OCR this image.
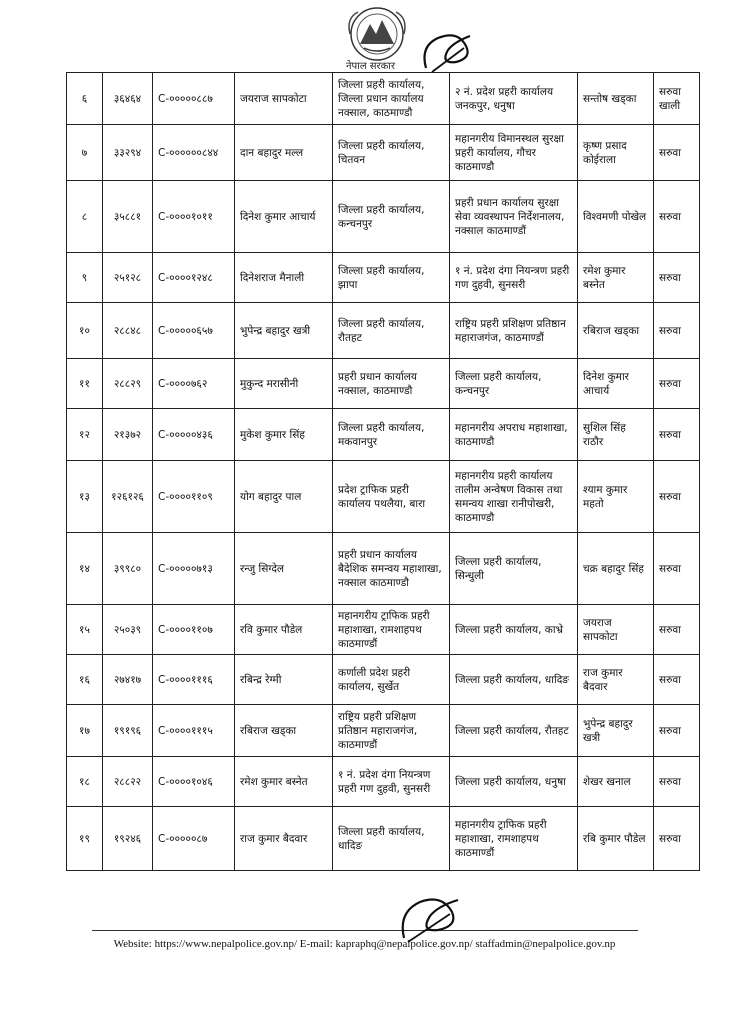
नेपाल सरकार
६	३६४६४	C-०००००८८७	जयराज सापकोटा	जिल्ला प्रहरी कार्यालय, जिल्ला प्रधान कार्यालय नक्साल, काठमाण्डौ	२ नं. प्रदेश प्रहरी कार्यालय जनकपुर, धनुषा	सन्तोष खड्का	सरुवा खाली
७	३३२९४	C-००००००८४४	दान बहादुर मल्ल	जिल्ला प्रहरी कार्यालय, चितवन	महानगरीय विमानस्थल सुरक्षा प्रहरी कार्यालय, गौचर काठमाण्डौ	कृष्ण प्रसाद कोईराला	सरुवा
८	३५८८१	C-००००१०११	दिनेश कुमार आचार्य	जिल्ला प्रहरी कार्यालय, कन्चनपुर	प्रहरी प्रधान कार्यालय सुरक्षा सेवा व्यवस्थापन निर्देशनालय, नक्साल काठमाण्डौं	विश्वमणी पोखेल	सरुवा
९	२५१२८	C-००००१२४८	दिनेशराज मैनाली	जिल्ला प्रहरी कार्यालय, झापा	१ नं. प्रदेश दंगा नियन्त्रण प्रहरी गण दुहवी, सुनसरी	रमेश कुमार बस्नेत	सरुवा
१०	२८८४८	C-०००००६५७	भुपेन्द्र बहादुर खत्री	जिल्ला प्रहरी कार्यालय, रौतहट	राष्ट्रिय प्रहरी प्रशिक्षण प्रतिष्ठान महाराजगंज, काठमाण्डौं	रबिराज खड्का	सरुवा
११	२८८२९	C-००००७६२	मुकुन्द मरासीनी	प्रहरी प्रधान कार्यालय नक्साल, काठमाण्डौ	जिल्ला प्रहरी कार्यालय, कन्चनपुर	दिनेश कुमार आचार्य	सरुवा
१२	२१३७२	C-०००००४३६	मुकेश कुमार सिंह	जिल्ला प्रहरी कार्यालय, मकवानपुर	महानगरीय अपराध महाशाखा, काठमाण्डौ	सुशिल सिंह राठौर	सरुवा
१३	१२६१२६	C-००००११०९	योग बहादुर पाल	प्रदेश ट्राफिक प्रहरी कार्यालय पथलैया, बारा	महानगरीय प्रहरी कार्यालय तालीम अन्वेषण विकास तथा समन्वय शाखा रानीपोखरी, काठमाण्डौ	श्याम कुमार महतो	सरुवा
१४	३९९८०	C-०००००७१३	रन्जु सिग्देल	प्रहरी प्रधान कार्यालय बैदेशिक समन्वय महाशाखा, नक्साल काठमाण्डौ	जिल्ला प्रहरी कार्यालय, सिन्धुली	चक्र बहादुर सिंह	सरुवा
१५	२५०३९	C-००००११०७	रवि कुमार पौडेल	महानगरीय ट्राफिक प्रहरी महाशाखा, रामशाहपथ काठमाण्डौं	जिल्ला प्रहरी कार्यालय, काभ्रे	जयराज सापकोटा	सरुवा
१६	२७४१७	C-००००१११६	रबिन्द्र रेग्मी	कर्णाली प्रदेश प्रहरी कार्यालय, सुर्खेत	जिल्ला प्रहरी कार्यालय, धादिङ	राज कुमार बैदवार	सरुवा
१७	१९१९६	C-००००१११५	रबिराज खड्का	राष्ट्रिय प्रहरी प्रशिक्षण प्रतिष्ठान महाराजगंज, काठमाण्डौं	जिल्ला प्रहरी कार्यालय, रौतहट	भुपेन्द्र बहादुर खत्री	सरुवा
१८	२८८२२	C-००००१०४६	रमेश कुमार बस्नेत	१ नं. प्रदेश दंगा नियन्त्रण प्रहरी गण दुहवी, सुनसरी	जिल्ला प्रहरी कार्यालय, धनुषा	शेखर खनाल	सरुवा
१९	१९२४६	C-०००००८७	राज कुमार बैदवार	जिल्ला प्रहरी कार्यालय, धादिङ	महानगरीय ट्राफिक प्रहरी महाशाखा, रामशाहपथ काठमाण्डौं	रबि कुमार पौडेल	सरुवा
Website: https://www.nepalpolice.gov.np/ E-mail: kapraphq@nepalpolice.gov.np/ staffadmin@nepalpolice.gov.np
